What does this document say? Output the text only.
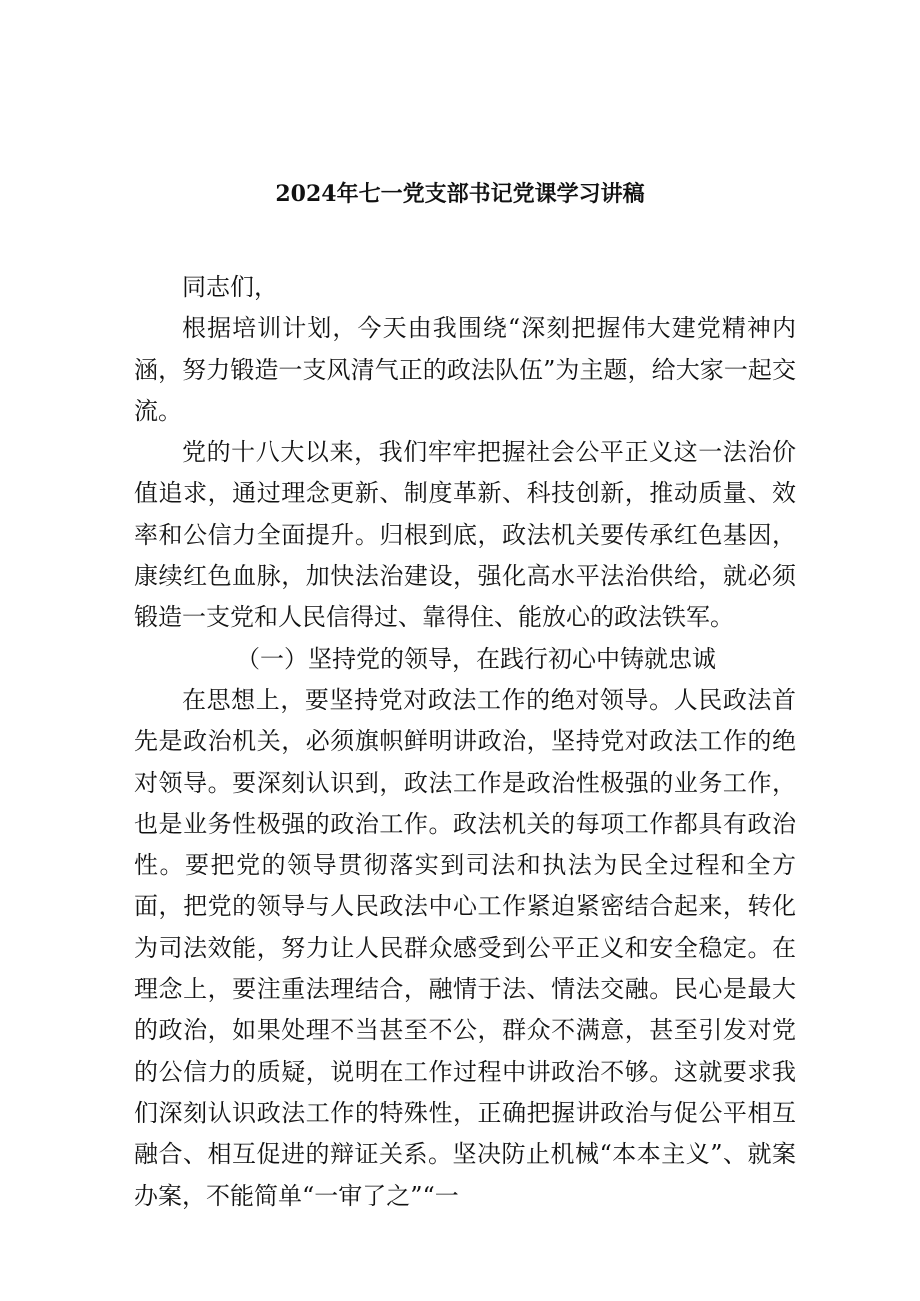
2024年七一党支部书记党课学习讲稿

同志们，

根据培训计划，今天由我围绕“深刻把握伟大建党精神内涵，努力锻造一支风清气正的政法队伍”为主题，给大家一起交流。

党的十八大以来，我们牢牢把握社会公平正义这一法治价值追求，通过理念更新、制度革新、科技创新，推动质量、效率和公信力全面提升。归根到底，政法机关要传承红色基因，康续红色血脉，加快法治建设，强化高水平法治供给，就必须锻造一支党和人民信得过、靠得住、能放心的政法铁军。

（一）坚持党的领导，在践行初心中铸就忠诚

在思想上，要坚持党对政法工作的绝对领导。人民政法首先是政治机关，必须旗帜鲜明讲政治，坚持党对政法工作的绝对领导。要深刻认识到，政法工作是政治性极强的业务工作，也是业务性极强的政治工作。政法机关的每项工作都具有政治性。要把党的领导贯彻落实到司法和执法为民全过程和全方面，把党的领导与人民政法中心工作紧迫紧密结合起来，转化为司法效能，努力让人民群众感受到公平正义和安全稳定。在理念上，要注重法理结合，融情于法、情法交融。民心是最大的政治，如果处理不当甚至不公，群众不满意，甚至引发对党的公信力的质疑，说明在工作过程中讲政治不够。这就要求我们深刻认识政法工作的特殊性，正确把握讲政治与促公平相互融合、相互促进的辩证关系。坚决防止机械“本本主义”、就案办案，不能简单“一审了之”“一
